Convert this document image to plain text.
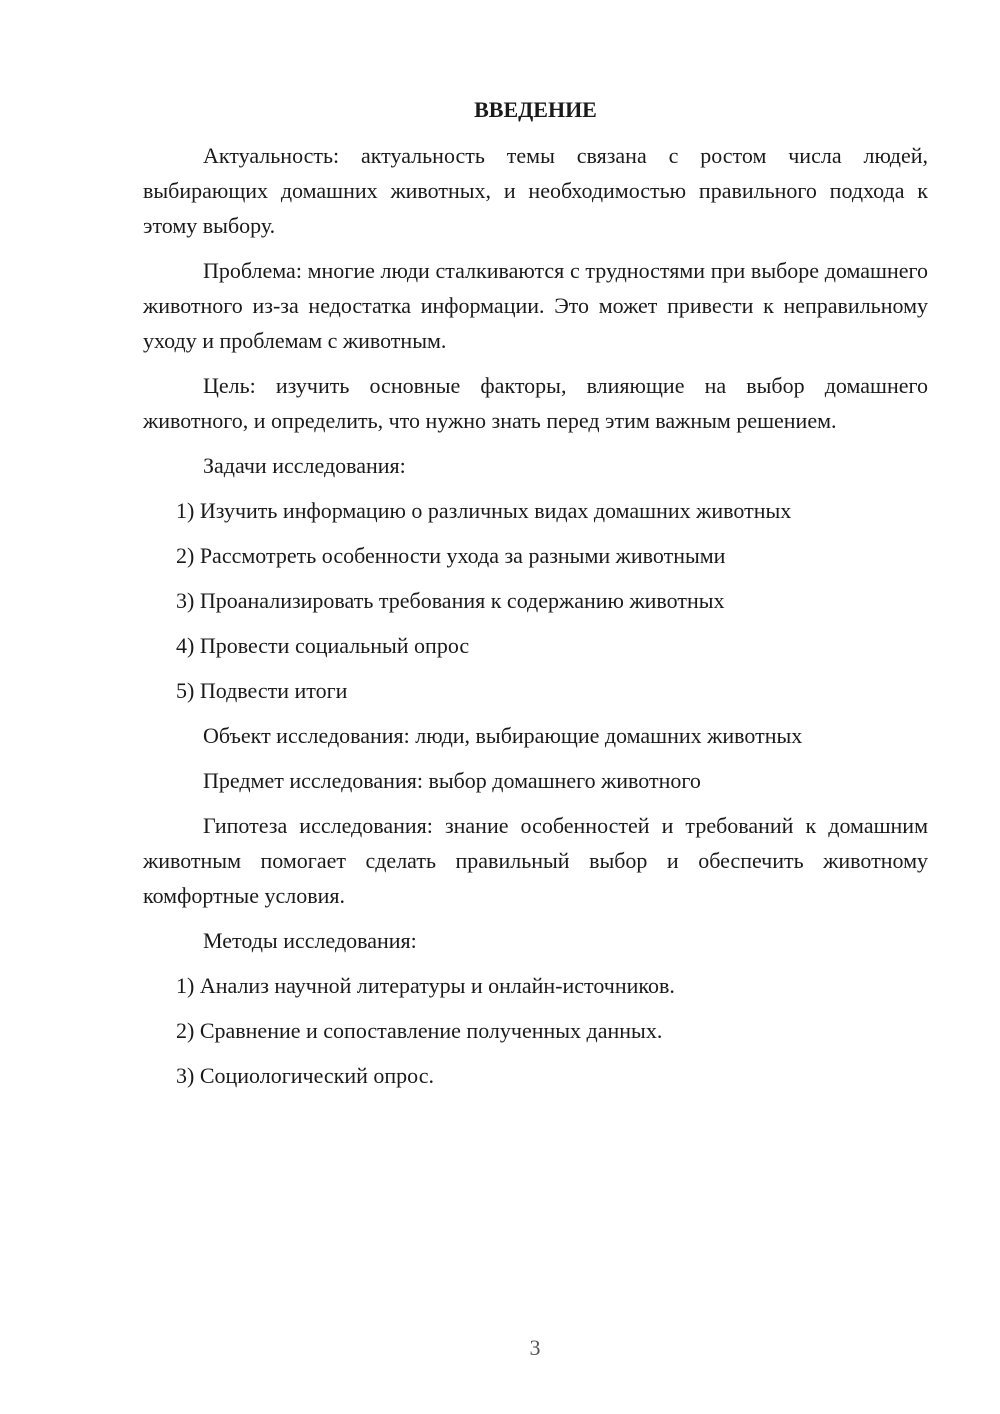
ВВЕДЕНИЕ

Актуальность: актуальность темы связана с ростом числа людей, выбирающих домашних животных, и необходимостью правильного подхода к этому выбору.

Проблема: многие люди сталкиваются с трудностями при выборе домашнего животного из-за недостатка информации. Это может привести к неправильному уходу и проблемам с животным.

Цель: изучить основные факторы, влияющие на выбор домашнего животного, и определить, что нужно знать перед этим важным решением.

Задачи исследования:

1) Изучить информацию о различных видах домашних животных
2) Рассмотреть особенности ухода за разными животными
3) Проанализировать требования к содержанию животных
4) Провести социальный опрос
5) Подвести итоги

Объект исследования: люди, выбирающие домашних животных

Предмет исследования: выбор домашнего животного

Гипотеза исследования: знание особенностей и требований к домашним животным помогает сделать правильный выбор и обеспечить животному комфортные условия.

Методы исследования:

1) Анализ научной литературы и онлайн-источников.
2) Сравнение и сопоставление полученных данных.
3) Социологический опрос.
3
